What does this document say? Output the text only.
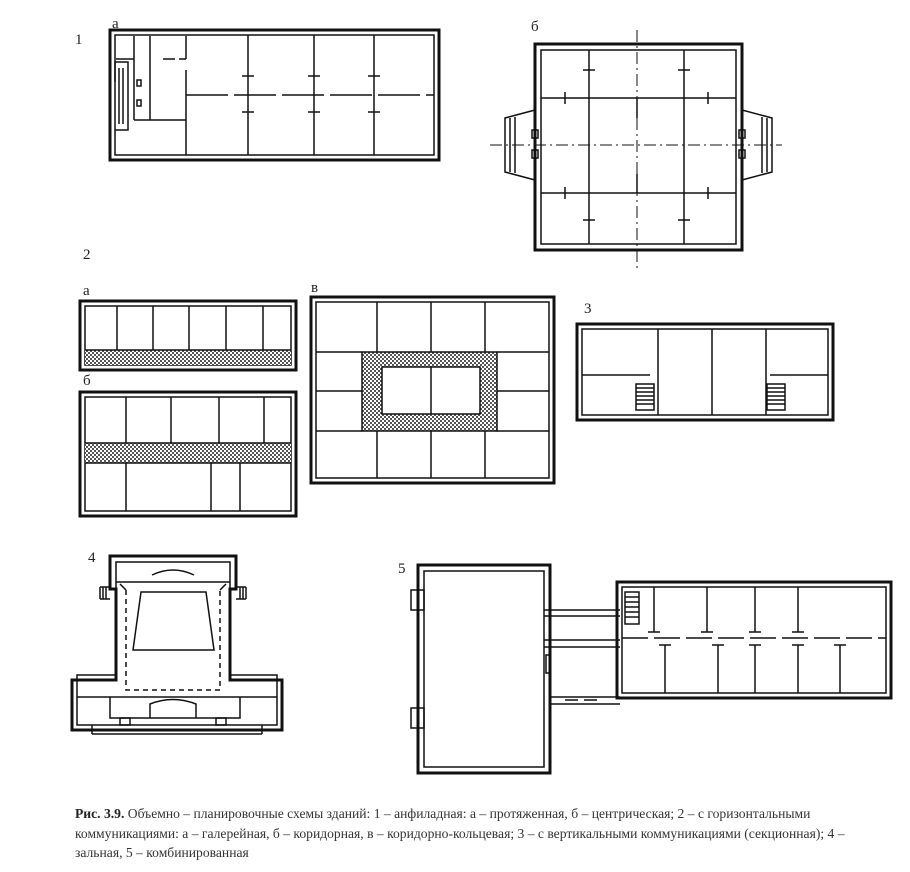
1
а	б
2
а
б
в
3
4
5
Рис. 3.9. Объемно – планировочные схемы зданий: 1 – анфиладная: а – протяженная, б – центрическая; 2 – с горизонтальными коммуникациями: а – галерейная, б – коридорная, в – коридорно-кольцевая; 3 – с вертикальными коммуникациями (секционная); 4 – зальная, 5 – комбинированная
